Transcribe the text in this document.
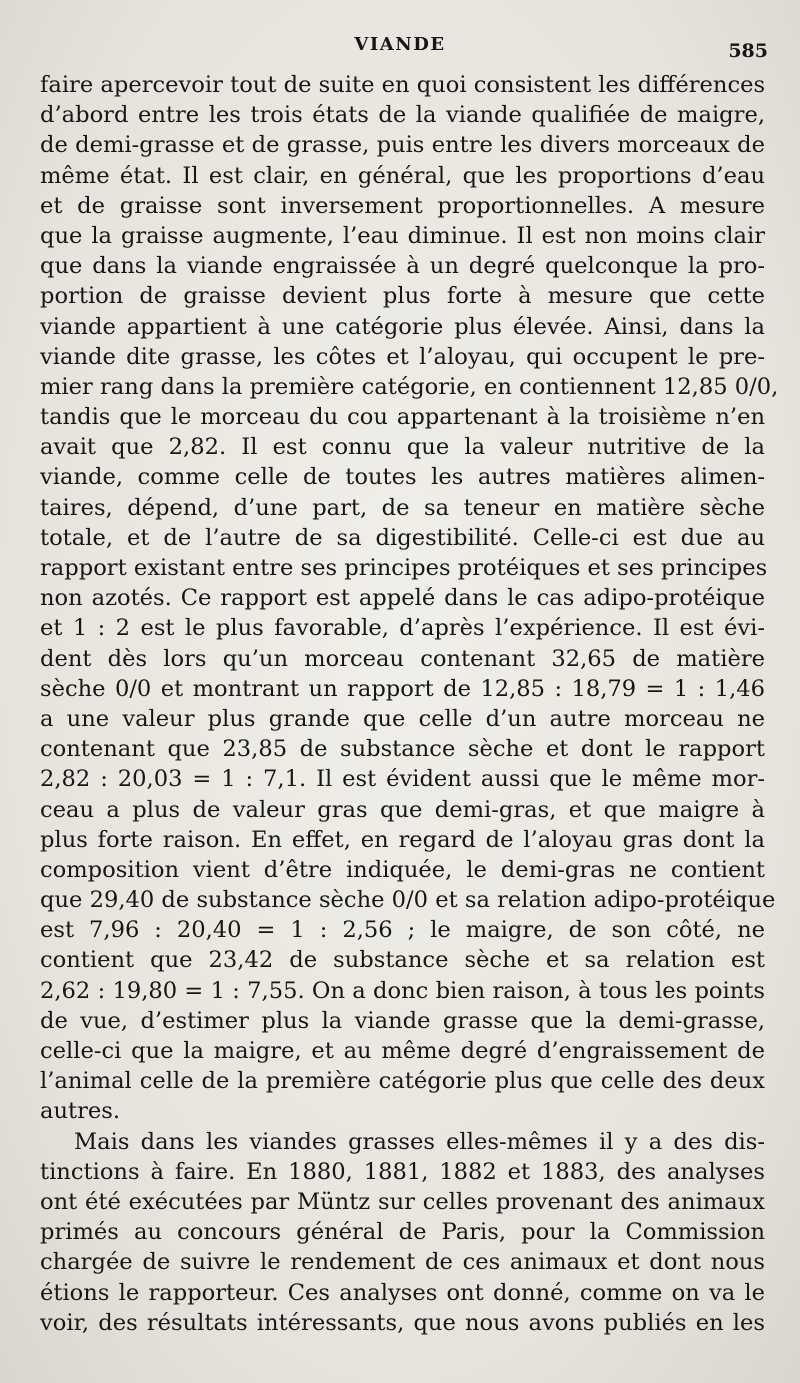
VIANDE	585
faire apercevoir tout de suite en quoi consistent les différences
d’abord entre les trois états de la viande qualifiée de maigre,
de demi-grasse et de grasse, puis entre les divers morceaux de
même état. Il est clair, en général, que les proportions d’eau
et de graisse sont inversement proportionnelles. A mesure
que la graisse augmente, l’eau diminue. Il est non moins clair
que dans la viande engraissée à un degré quelconque la pro-
portion de graisse devient plus forte à mesure que cette
viande appartient à une catégorie plus élevée. Ainsi, dans la
viande dite grasse, les côtes et l’aloyau, qui occupent le pre-
mier rang dans la première catégorie, en contiennent 12,85 0/0,
tandis que le morceau du cou appartenant à la troisième n’en
avait que 2,82. Il est connu que la valeur nutritive de la
viande, comme celle de toutes les autres matières alimen-
taires, dépend, d’une part, de sa teneur en matière sèche
totale, et de l’autre de sa digestibilité. Celle-ci est due au
rapport existant entre ses principes protéiques et ses principes
non azotés. Ce rapport est appelé dans le cas adipo-protéique
et 1 : 2 est le plus favorable, d’après l’expérience. Il est évi-
dent dès lors qu’un morceau contenant 32,65 de matière
sèche 0/0 et montrant un rapport de 12,85 : 18,79 = 1 : 1,46
a une valeur plus grande que celle d’un autre morceau ne
contenant que 23,85 de substance sèche et dont le rapport
2,82 : 20,03 = 1 : 7,1. Il est évident aussi que le même mor-
ceau a plus de valeur gras que demi-gras, et que maigre à
plus forte raison. En effet, en regard de l’aloyau gras dont la
composition vient d’être indiquée, le demi-gras ne contient
que 29,40 de substance sèche 0/0 et sa relation adipo-protéique
est 7,96 : 20,40 = 1 : 2,56 ; le maigre, de son côté, ne
contient que 23,42 de substance sèche et sa relation est
2,62 : 19,80 = 1 : 7,55. On a donc bien raison, à tous les points
de vue, d’estimer plus la viande grasse que la demi-grasse,
celle-ci que la maigre, et au même degré d’engraissement de
l’animal celle de la première catégorie plus que celle des deux
autres.
Mais dans les viandes grasses elles-mêmes il y a des dis-
tinctions à faire. En 1880, 1881, 1882 et 1883, des analyses
ont été exécutées par Müntz sur celles provenant des animaux
primés au concours général de Paris, pour la Commission
chargée de suivre le rendement de ces animaux et dont nous
étions le rapporteur. Ces analyses ont donné, comme on va le
voir, des résultats intéressants, que nous avons publiés en les
